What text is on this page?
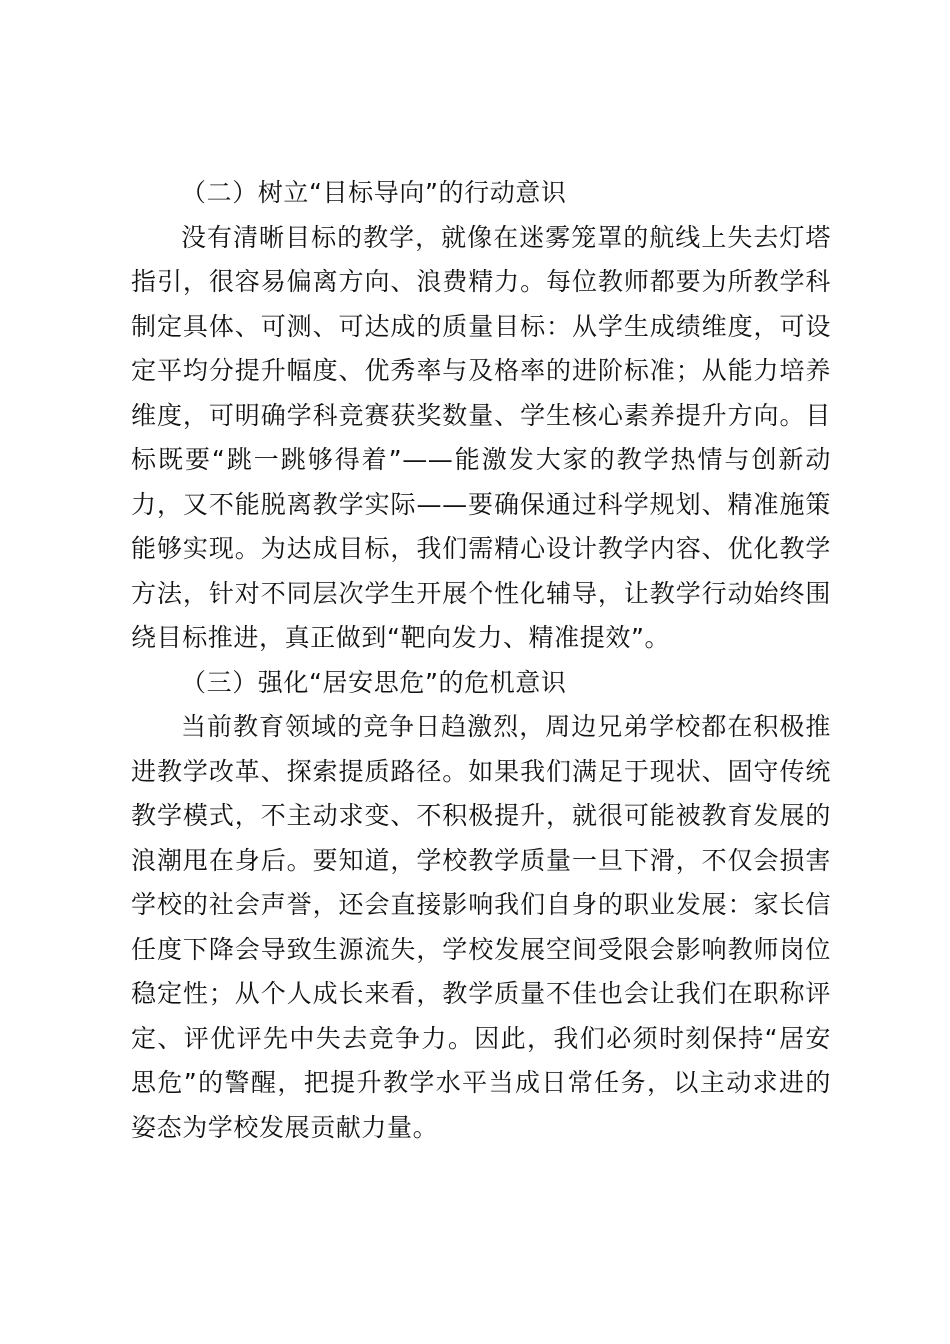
（二）树立“目标导向”的行动意识

没有清晰目标的教学，就像在迷雾笼罩的航线上失去灯塔指引，很容易偏离方向、浪费精力。每位教师都要为所教学科制定具体、可测、可达成的质量目标：从学生成绩维度，可设定平均分提升幅度、优秀率与及格率的进阶标准；从能力培养维度，可明确学科竞赛获奖数量、学生核心素养提升方向。目标既要“跳一跳够得着”——能激发大家的教学热情与创新动力，又不能脱离教学实际——要确保通过科学规划、精准施策能够实现。为达成目标，我们需精心设计教学内容、优化教学方法，针对不同层次学生开展个性化辅导，让教学行动始终围绕目标推进，真正做到“靶向发力、精准提效”。

（三）强化“居安思危”的危机意识

当前教育领域的竞争日趋激烈，周边兄弟学校都在积极推进教学改革、探索提质路径。如果我们满足于现状、固守传统教学模式，不主动求变、不积极提升，就很可能被教育发展的浪潮甩在身后。要知道，学校教学质量一旦下滑，不仅会损害学校的社会声誉，还会直接影响我们自身的职业发展：家长信任度下降会导致生源流失，学校发展空间受限会影响教师岗位稳定性；从个人成长来看，教学质量不佳也会让我们在职称评定、评优评先中失去竞争力。因此，我们必须时刻保持“居安思危”的警醒，把提升教学水平当成日常任务，以主动求进的姿态为学校发展贡献力量。
